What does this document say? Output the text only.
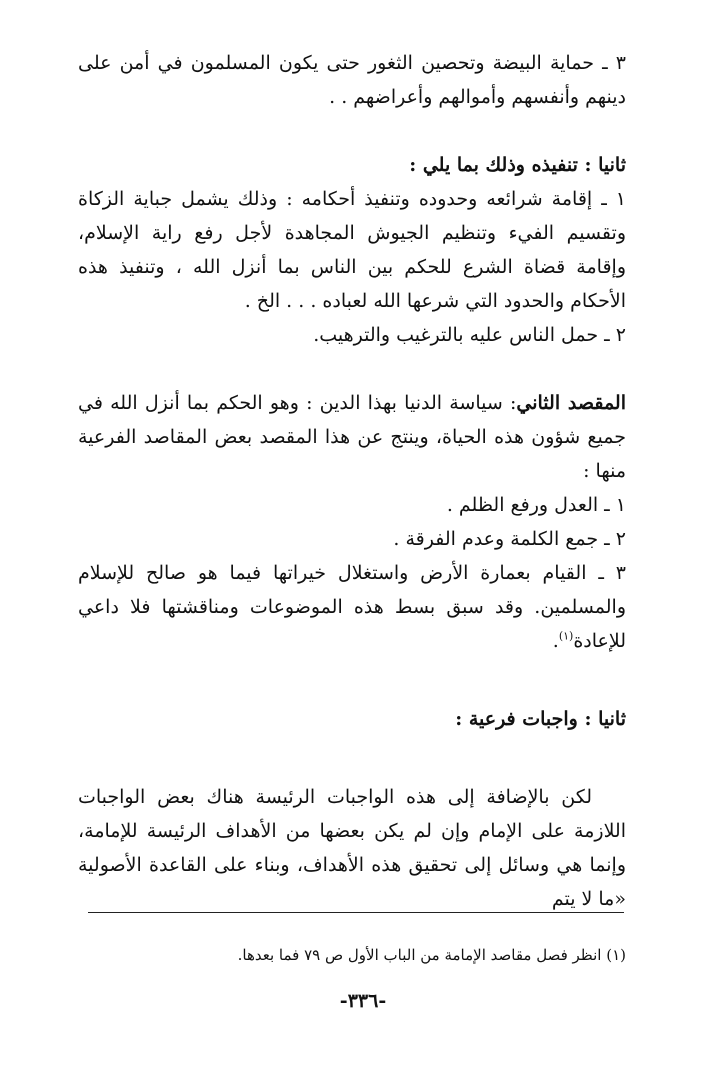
٣ ـ حماية البيضة وتحصين الثغور حتى يكون المسلمون في أمن على دينهم وأنفسهم وأموالهم وأعراضهم . .

ثانيا : تنفيذه وذلك بما يلي :

١ ـ إقامة شرائعه وحدوده وتنفيذ أحكامه : وذلك يشمل جباية الزكاة وتقسيم الفيء وتنظيم الجيوش المجاهدة لأجل رفع راية الإسلام، وإقامة قضاة الشرع للحكم بين الناس بما أنزل الله ، وتنفيذ هذه الأحكام والحدود التي شرعها الله لعباده . . . الخ .

٢ ـ حمل الناس عليه بالترغيب والترهيب.

المقصد الثاني: سياسة الدنيا بهذا الدين : وهو الحكم بما أنزل الله في جميع شؤون هذه الحياة، وينتج عن هذا المقصد بعض المقاصد الفرعية منها :

١ ـ العدل ورفع الظلم .

٢ ـ جمع الكلمة وعدم الفرقة .

٣ ـ القيام بعمارة الأرض واستغلال خيراتها فيما هو صالح للإسلام والمسلمين. وقد سبق بسط هذه الموضوعات ومناقشتها فلا داعي للإعادة$^{(١)}$.

ثانيا : واجبات فرعية :

لكن بالإضافة إلى هذه الواجبات الرئيسة هناك بعض الواجبات اللازمة على الإمام وإن لم يكن بعضها من الأهداف الرئيسة للإمامة، وإنما هي وسائل إلى تحقيق هذه الأهداف، وبناء على القاعدة الأصولية «ما لا يتم

(١) انظر فصل مقاصد الإمامة من الباب الأول ص ٧٩ فما بعدها.

-٣٣٦-
